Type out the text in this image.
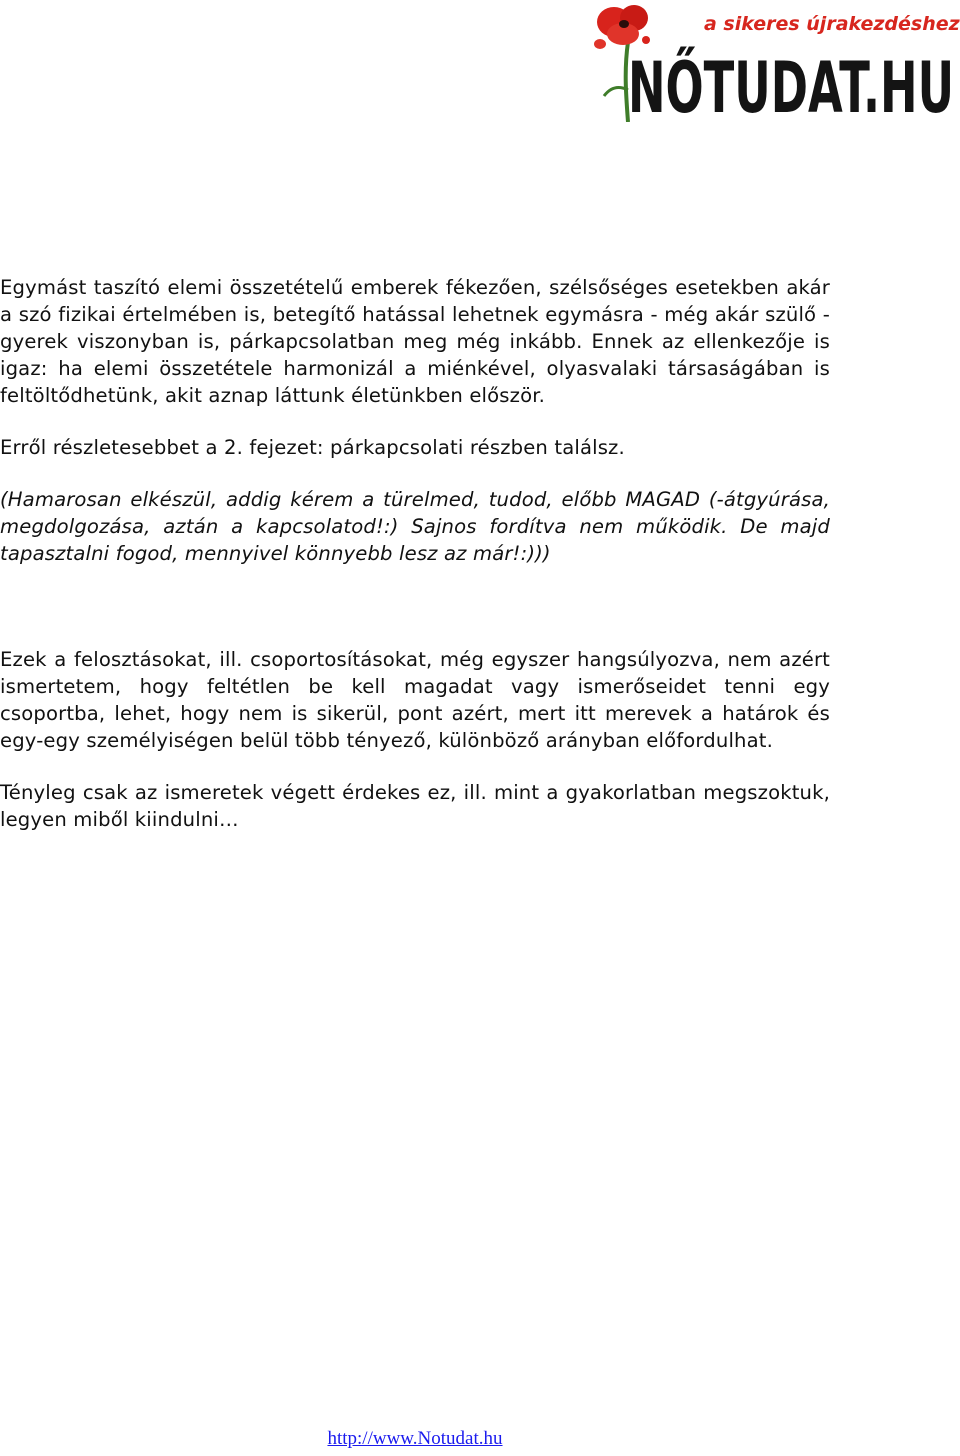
a sikeres újrakezdéshez
NŐTUDAT.HU

Egymást taszító elemi összetételű emberek fékezően, szélsőséges esetekben akár a szó fizikai értelmében is, betegítő hatással lehetnek egymásra - még akár szülő - gyerek viszonyban is, párkapcsolatban meg még inkább. Ennek az ellenkezője is igaz: ha elemi összetétele harmonizál a miénkével, olyasvalaki társaságában is feltöltődhetünk, akit aznap láttunk életünkben először.

Erről részletesebbet a 2. fejezet: párkapcsolati részben találsz.

(Hamarosan elkészül, addig kérem a türelmed, tudod, előbb MAGAD (-átgyúrása, megdolgozása, aztán a kapcsolatod!:) Sajnos fordítva nem működik. De majd tapasztalni fogod, mennyivel könnyebb lesz az már!:)))

Ezek a felosztásokat, ill. csoportosításokat, még egyszer hangsúlyozva, nem azért ismertetem, hogy feltétlen be kell magadat vagy ismerőseidet tenni egy csoportba, lehet, hogy nem is sikerül, pont azért, mert itt merevek a határok és egy-egy személyiségen belül több tényező, különböző arányban előfordulhat.

Tényleg csak az ismeretek végett érdekes ez, ill. mint a gyakorlatban megszoktuk, legyen miből kiindulni…

http://www.Notudat.hu
